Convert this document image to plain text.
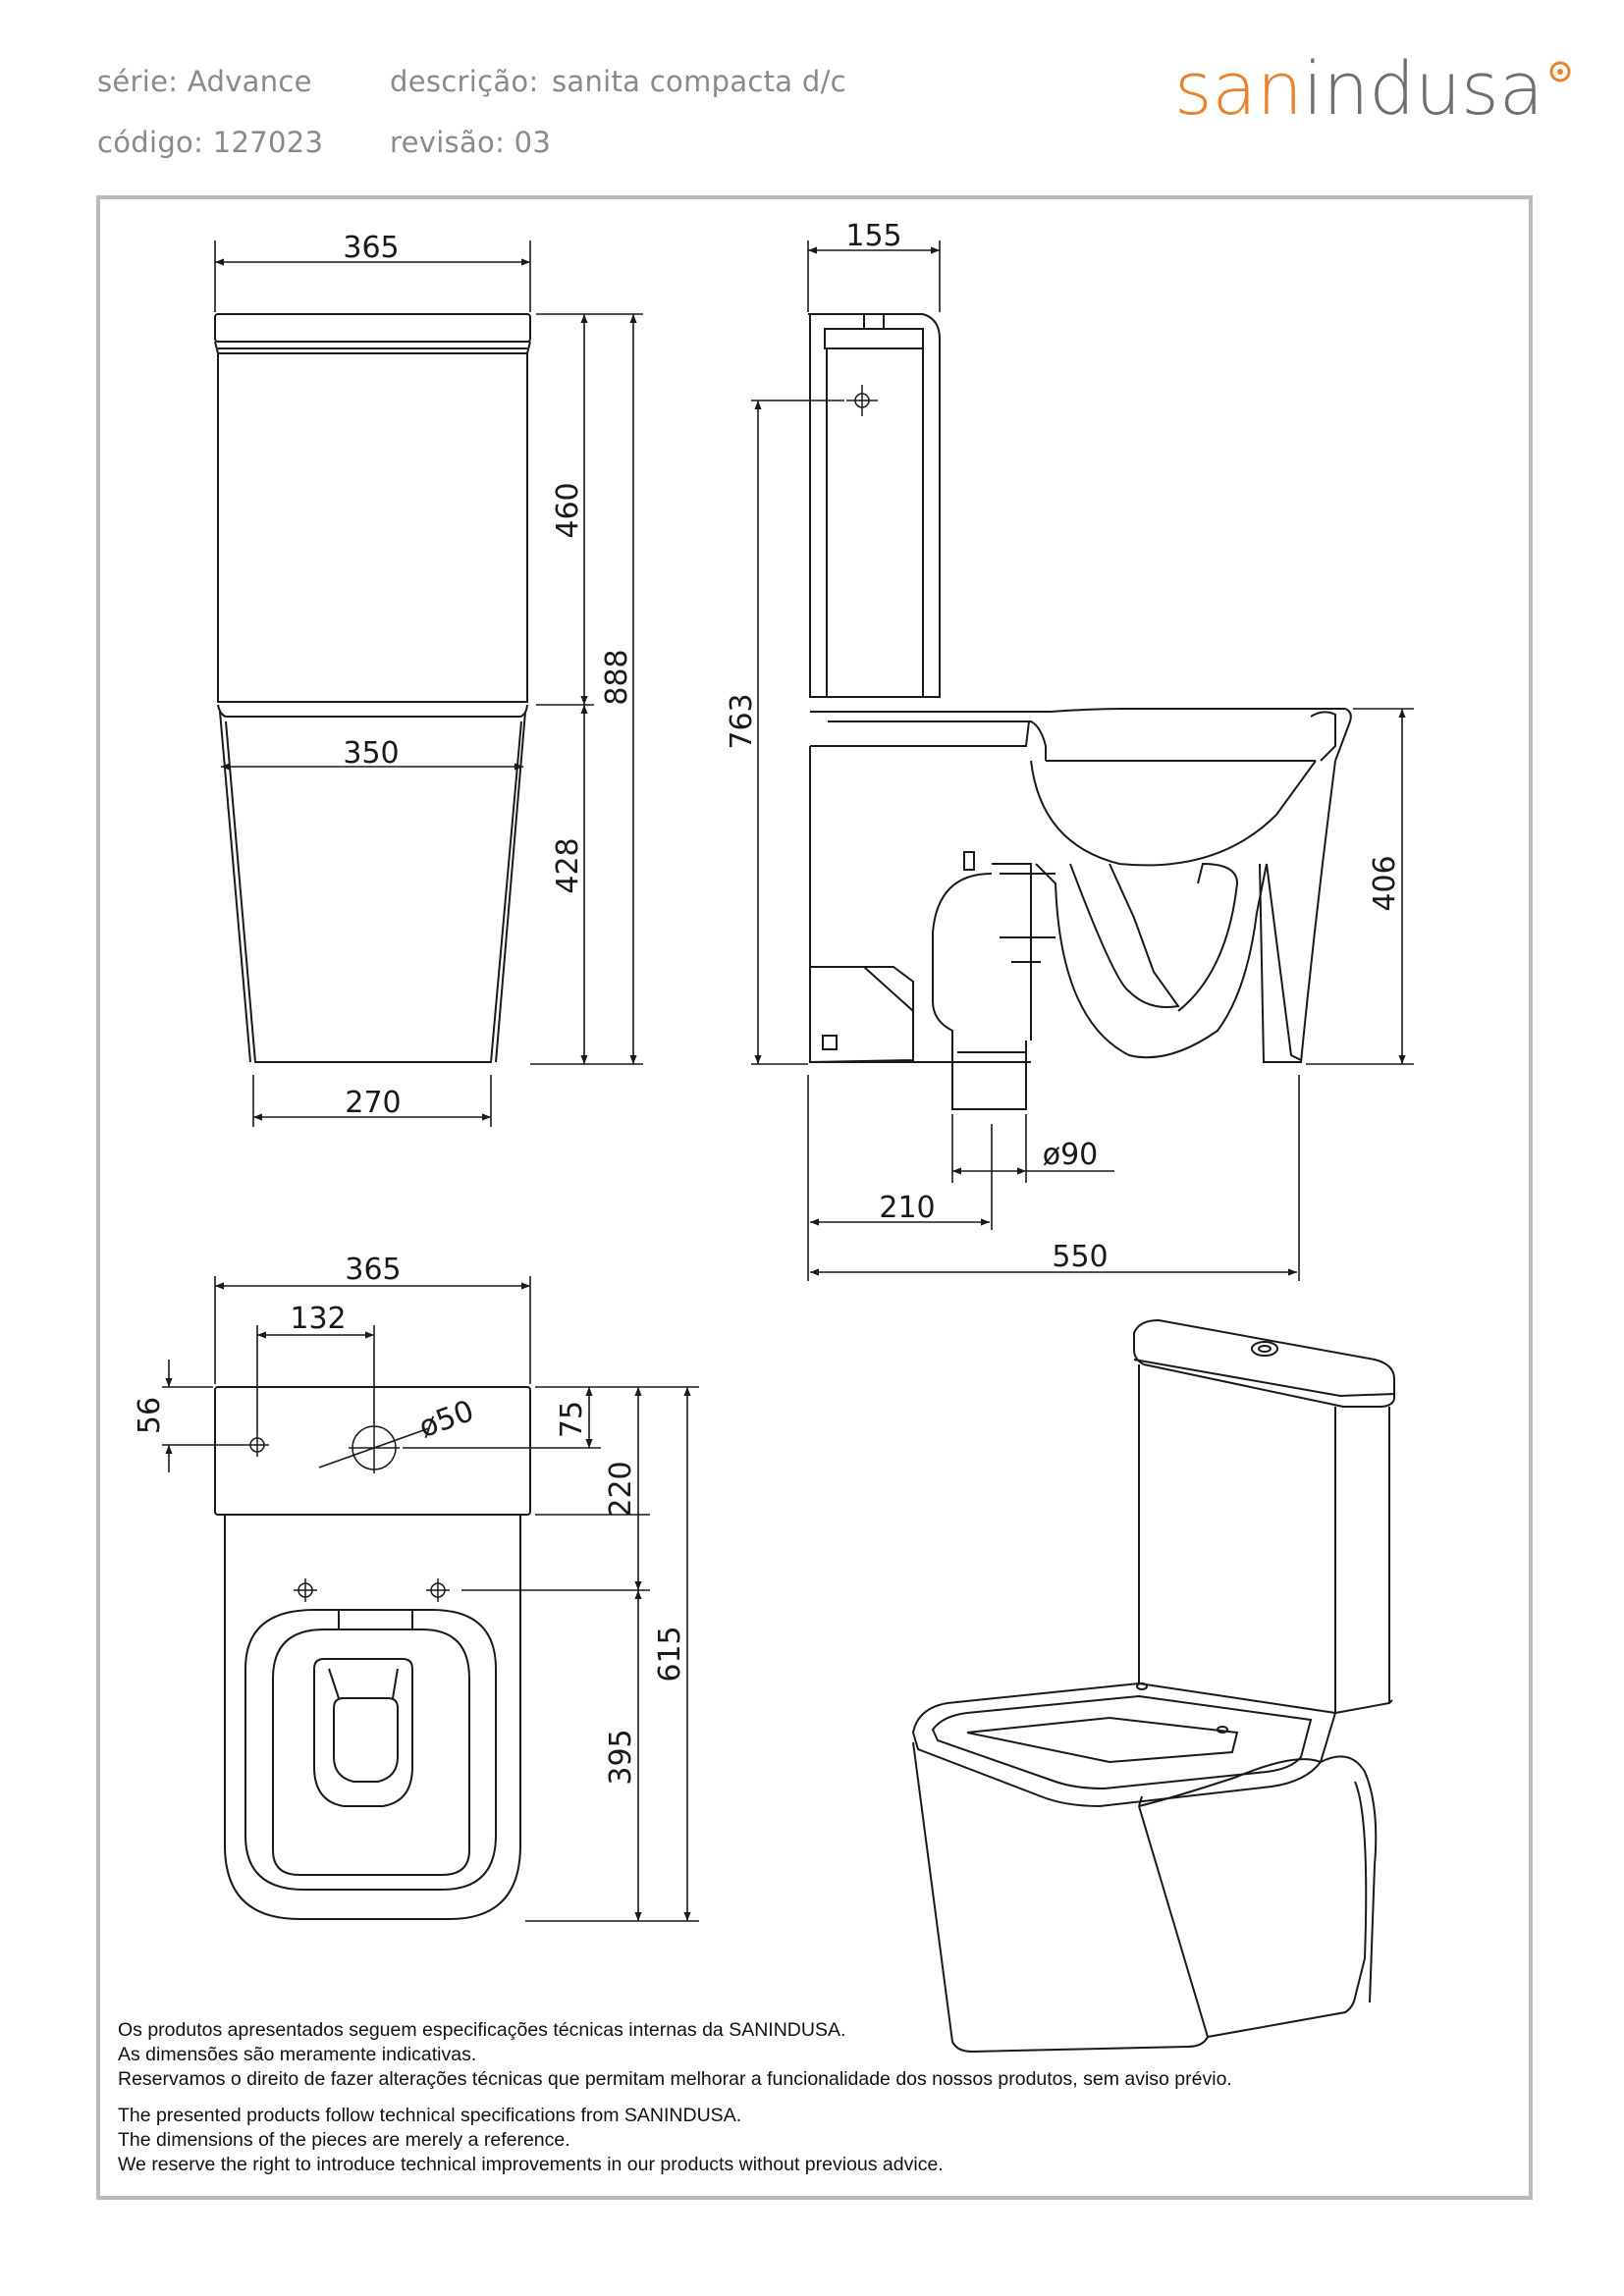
série: Advance	descrição: sanita compacta d/c
código: 127023 revisão: 03
sanindusa
365
460
888
350
428
270
155
763
406
ø90
210
550
365
132
56	ø50	75
220
615
395
Os produtos apresentados seguem especificações técnicas internas da SANINDUSA.
As dimensões são meramente indicativas.
Reservamos o direito de fazer alterações técnicas que permitam melhorar a funcionalidade dos nossos produtos, sem aviso prévio.
The presented products follow technical specifications from SANINDUSA.
The dimensions of the pieces are merely a reference.
We reserve the right to introduce technical improvements in our products without previous advice.
